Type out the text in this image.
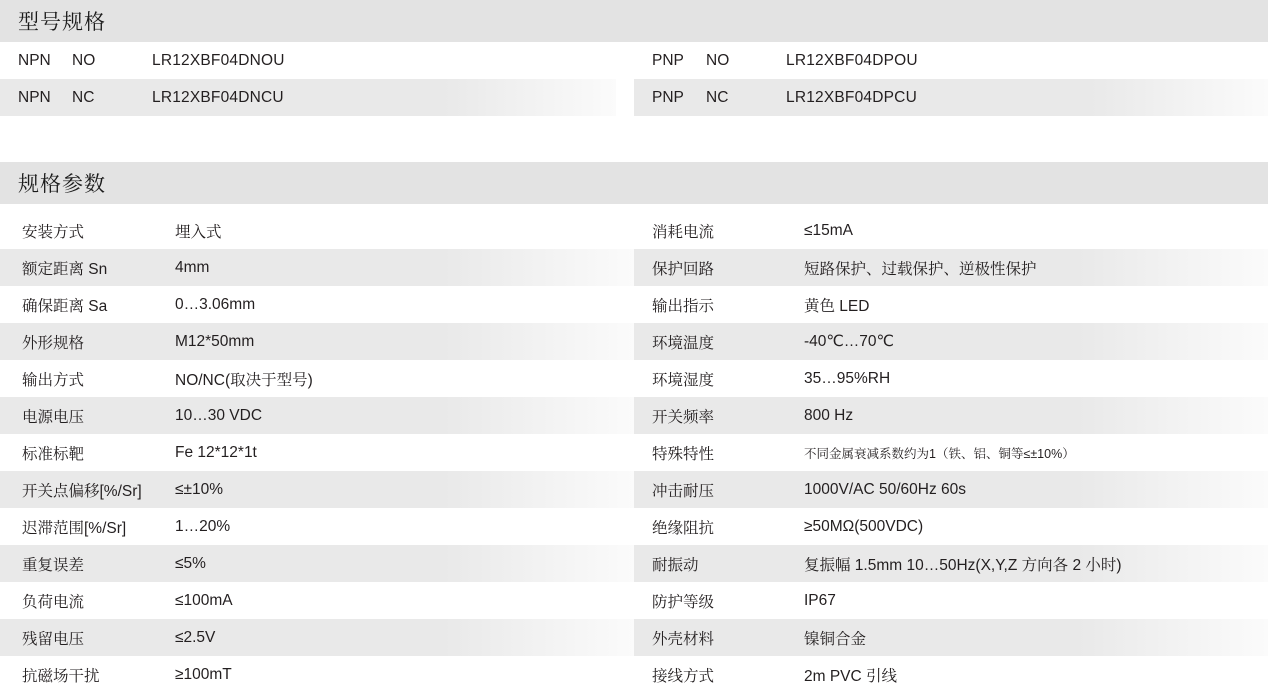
型号规格
NPN	NO	LR12XBF04DNOU
NPN	NC	LR12XBF04DNCU
PNP	NO	LR12XBF04DPOU
PNP	NC	LR12XBF04DPCU
规格参数
安装方式	埋入式
额定距离 Sn	4mm
确保距离 Sa	0…3.06mm
外形规格	M12*50mm
输出方式	NO/NC(取决于型号)
电源电压	10…30 VDC
标准标靶	Fe 12*12*1t
开关点偏移[%/Sr]	≤±10%
迟滞范围[%/Sr]	1…20%
重复误差	≤5%
负荷电流	≤100mA
残留电压	≤2.5V
抗磁场干扰	≥100mT
消耗电流	≤15mA
保护回路	短路保护、过载保护、逆极性保护
输出指示	黄色 LED
环境温度	-40℃…70℃
环境湿度	35…95%RH
开关频率	800 Hz
特殊特性	不同金属衰减系数约为1（铁、铝、铜等≤±10%）
冲击耐压	1000V/AC 50/60Hz 60s
绝缘阻抗	≥50MΩ(500VDC)
耐振动	复振幅 1.5mm 10…50Hz(X,Y,Z 方向各 2 小时)
防护等级	IP67
外壳材料	镍铜合金
接线方式	2m PVC 引线
